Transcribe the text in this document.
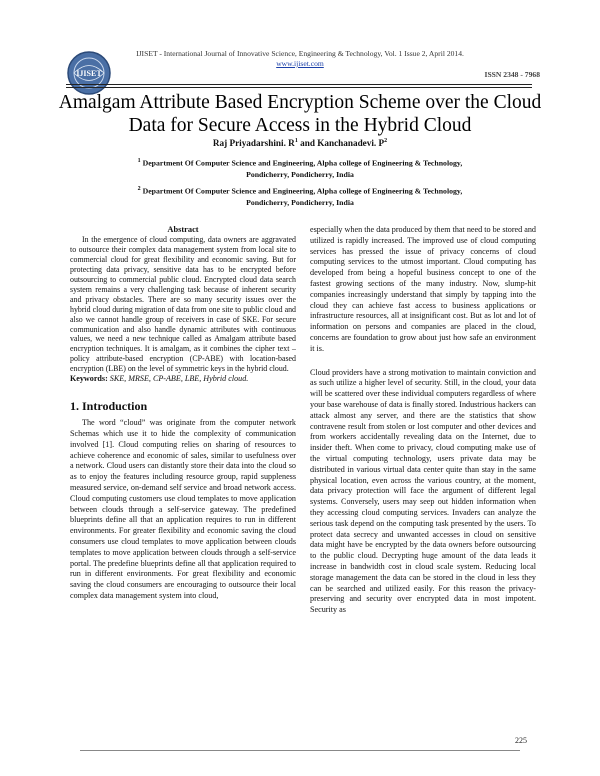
IJISET
IJISET - International Journal of Innovative Science, Engineering & Technology, Vol. 1 Issue 2, April 2014.
www.ijiset.com
ISSN 2348 - 7968
Amalgam Attribute Based Encryption Scheme over the Cloud Data for Secure Access in the Hybrid Cloud
Raj Priyadarshini. $R^1$ and Kanchanadevi. $P^2$
$^1$ Department Of Computer Science and Engineering, Alpha college of Engineering & Technology,
Pondicherry, Pondicherry, India
$^2$ Department Of Computer Science and Engineering, Alpha college of Engineering & Technology,
Pondicherry, Pondicherry, India

Abstract

In the emergence of cloud computing, data owners are aggravated to outsource their complex data management system from local site to commercial cloud for great flexibility and economic saving. But for protecting data privacy, sensitive data has to be encrypted before outsourcing to commercial public cloud. Encrypted cloud data search system remains a very challenging task because of inherent security and privacy obstacles. There are so many security issues over the hybrid cloud during migration of data from one site to public cloud and also we cannot handle group of receivers in case of SKE. For secure communication and also handle dynamic attributes with continuous values, we need a new technique called as Amalgam attribute based encryption techniques. It is amalgam, as it combines the cipher text –policy attribute-based encryption (CP-ABE) with location-based encryption (LBE) on the level of symmetric keys in the hybrid cloud.

Keywords: SKE, MRSE, CP-ABE, LBE, Hybrid cloud.

1. Introduction

The word “cloud” was originate from the computer network Schemas which use it to hide the complexity of communication involved [1]. Cloud computing relies on sharing of resources to achieve coherence and economic of sales, similar to usefulness over a network. Cloud users can distantly store their data into the cloud so as to enjoy the features including resource group, rapid suppleness measured service, on-demand self service and broad network access. Cloud computing customers use cloud templates to move application between clouds through a self-service gateway. The predefined blueprints define all that an application requires to run in different environments. For greater flexibility and economic saving the cloud consumers use cloud templates to move application between clouds templates to move application between clouds through a self-service portal. The predefine blueprints define all that application required to run in different environments. For great flexibility and economic saving the cloud consumers are encouraging to outsource their local complex data management system into cloud,

especially when the data produced by them that need to be stored and utilized is rapidly increased. The improved use of cloud computing services has pressed the issue of privacy concerns of cloud computing services to the utmost important. Cloud computing has developed from being a hopeful business concept to one of the fastest growing sections of the many industry. Now, slump-hit companies increasingly understand that simply by tapping into the cloud they can achieve fast access to business applications or infrastructure resources, all at insignificant cost. But as lot and lot of information on persons and companies are placed in the cloud, concerns are foundation to grow about just how safe an environment it is.

Cloud providers have a strong motivation to maintain conviction and as such utilize a higher level of security. Still, in the cloud, your data will be scattered over these individual computers regardless of where your base warehouse of data is finally stored. Industrious hackers can attack almost any server, and there are the statistics that show contravene result from stolen or lost computer and other devices and from workers accidentally revealing data on the Internet, due to insider theft. When come to privacy, cloud computing make use of the virtual computing technology, users private data may be distributed in various virtual data center quite than stay in the same physical location, even across the various country, at the moment, data privacy protection will face the argument of different legal systems. Conversely, users may seep out hidden information when they accessing cloud computing services. Invaders can analyze the serious task depend on the computing task presented by the users. To protect data secrecy and unwanted accesses in cloud on sensitive data might have be encrypted by the data owners before outsourcing to the public cloud. Decrypting huge amount of the data leads it increase in bandwidth cost in cloud scale system. Reducing local storage management the data can be stored in the cloud in less they can be searched and utilized easily. For this reason the privacy-preserving and security over encrypted data in most impotent. Security as

225
